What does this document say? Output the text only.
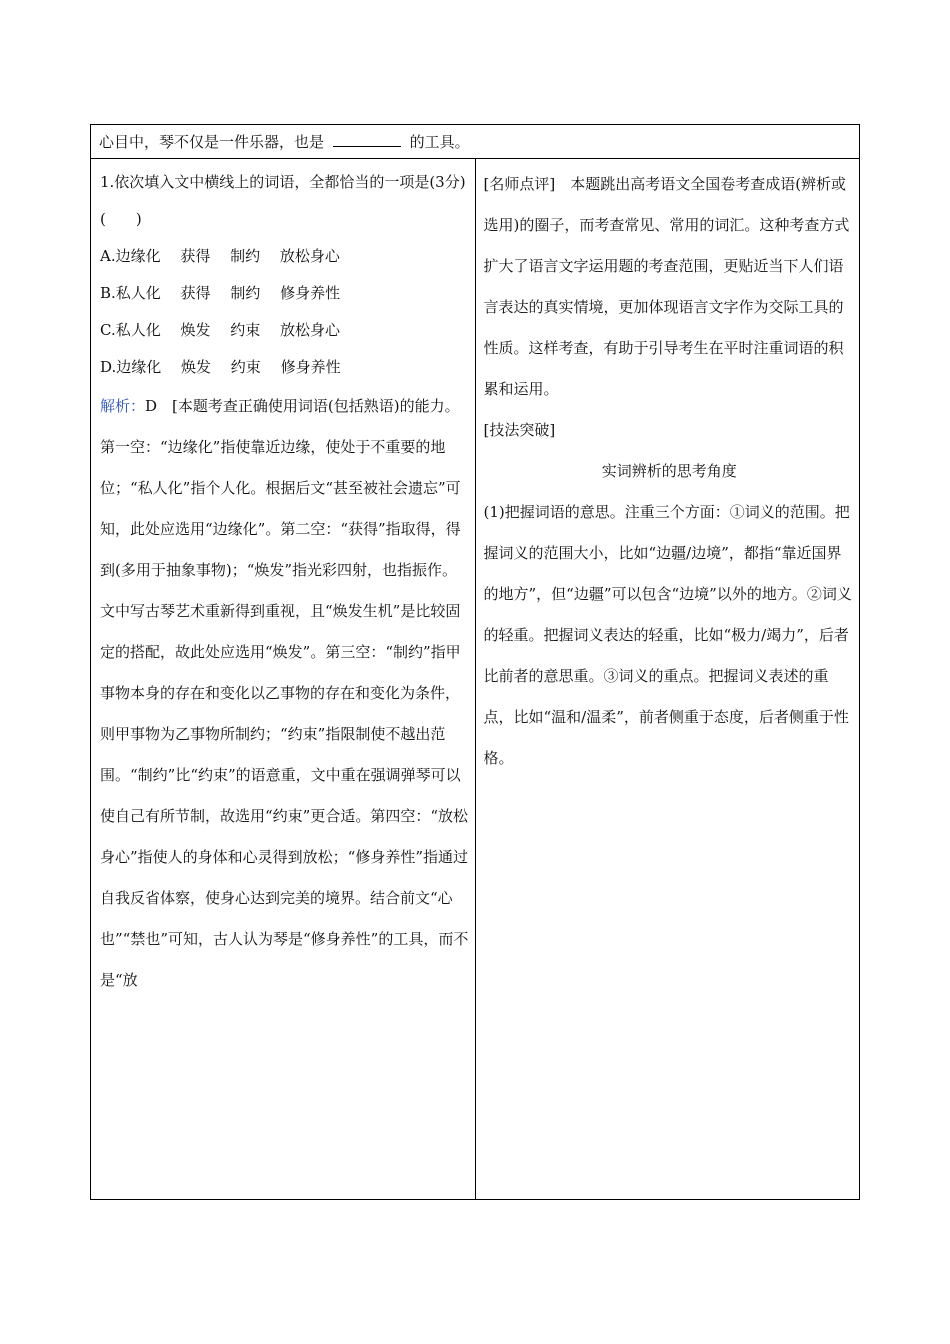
心目中，琴不仅是一件乐器，也是	的工具。

1.依次填入文中横线上的词语，全都恰当的一项是(3分)(　　)

A.边缘化　 获得　 制约　 放松身心

B.私人化　 获得　 制约　 修身养性

C.私人化　 焕发　 约束　 放松身心

D.边缘化　 焕发　 约束　 修身养性

解析：D　[本题考查正确使用词语(包括熟语)的能力。第一空：“边缘化”指使靠近边缘，使处于不重要的地位；“私人化”指个人化。根据后文“甚至被社会遗忘”可知，此处应选用“边缘化”。第二空：“获得”指取得，得到(多用于抽象事物)；“焕发”指光彩四射，也指振作。文中写古琴艺术重新得到重视，且“焕发生机”是比较固定的搭配，故此处应选用“焕发”。第三空：“制约”指甲事物本身的存在和变化以乙事物的存在和变化为条件，则甲事物为乙事物所制约；“约束”指限制使不越出范围。“制约”比“约束”的语意重，文中重在强调弹琴可以使自己有所节制，故选用“约束”更合适。第四空：“放松身心”指使人的身体和心灵得到放松；“修身养性”指通过自我反省体察，使身心达到完美的境界。结合前文“心也”“禁也”可知，古人认为琴是“修身养性”的工具，而不是“放

[名师点评]　本题跳出高考语文全国卷考查成语(辨析或选用)的圈子，而考查常见、常用的词汇。这种考查方式扩大了语言文字运用题的考查范围，更贴近当下人们语言表达的真实情境，更加体现语言文字作为交际工具的性质。这样考查，有助于引导考生在平时注重词语的积累和运用。

[技法突破]

实词辨析的思考角度

(1)把握词语的意思。注重三个方面：①词义的范围。把握词义的范围大小，比如“边疆/边境”，都指“靠近国界的地方”，但“边疆”可以包含“边境”以外的地方。②词义的轻重。把握词义表达的轻重，比如“极力/竭力”，后者比前者的意思重。③词义的重点。把握词义表述的重点，比如“温和/温柔”，前者侧重于态度，后者侧重于性格。
